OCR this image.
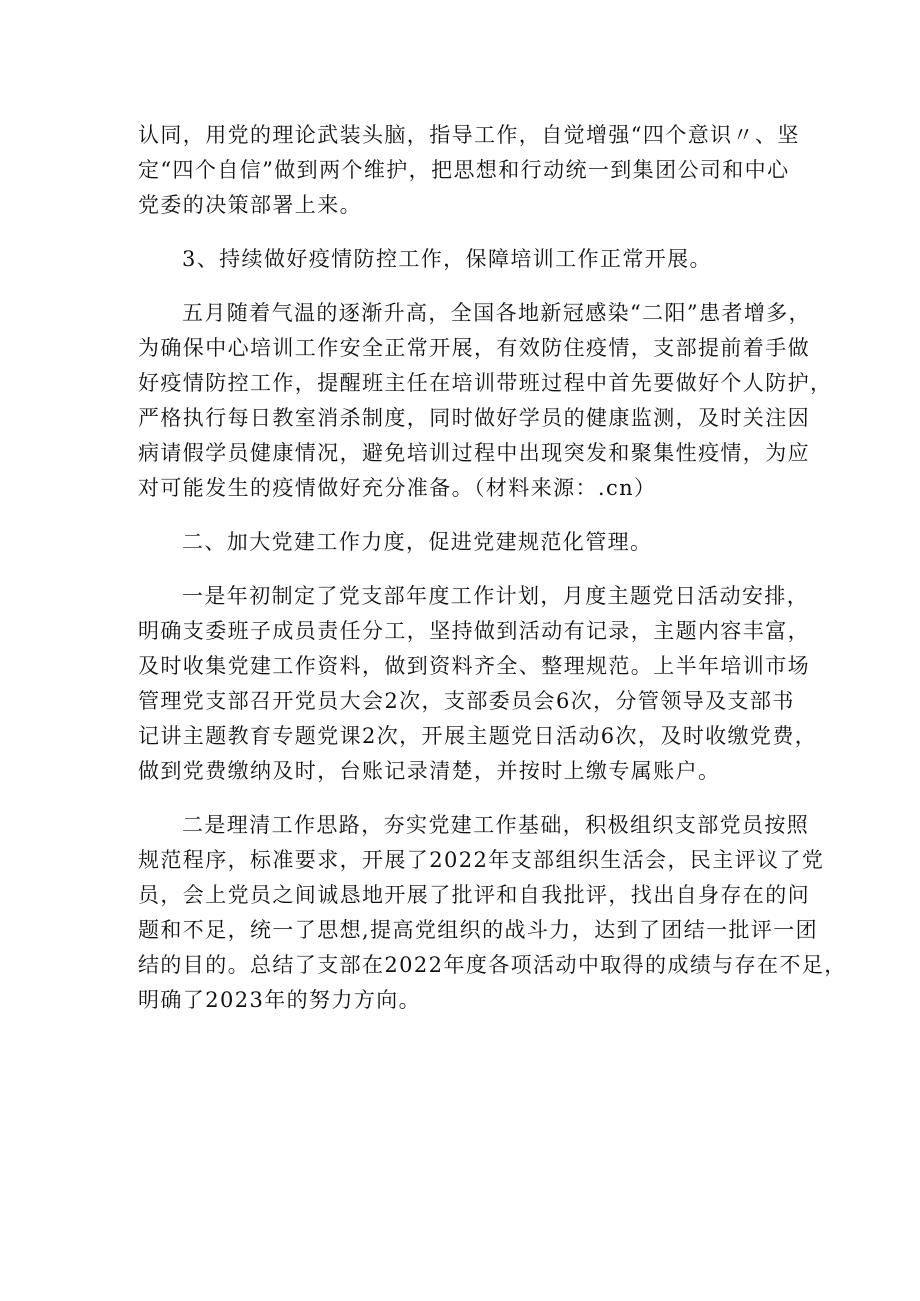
认同，用党的理论武装头脑，指导工作，自觉增强“四个意识〃、坚
定“四个自信”做到两个维护，把思想和行动统一到集团公司和中心
党委的决策部署上来。

3、持续做好疫情防控工作，保障培训工作正常开展。

五月随着气温的逐渐升高，全国各地新冠感染“二阳”患者增多，
为确保中心培训工作安全正常开展，有效防住疫情，支部提前着手做
好疫情防控工作，提醒班主任在培训带班过程中首先要做好个人防护，
严格执行每日教室消杀制度，同时做好学员的健康监测，及时关注因
病请假学员健康情况，避免培训过程中出现突发和聚集性疫情，为应
对可能发生的疫情做好充分准备。（材料来源：.cn）

二、加大党建工作力度，促进党建规范化管理。

一是年初制定了党支部年度工作计划，月度主题党日活动安排，
明确支委班子成员责任分工，坚持做到活动有记录，主题内容丰富，
及时收集党建工作资料，做到资料齐全、整理规范。上半年培训市场
管理党支部召开党员大会2次，支部委员会6次，分管领导及支部书
记讲主题教育专题党课2次，开展主题党日活动6次，及时收缴党费，
做到党费缴纳及时，台账记录清楚，并按时上缴专属账户。

二是理清工作思路，夯实党建工作基础，积极组织支部党员按照
规范程序，标准要求，开展了2022年支部组织生活会，民主评议了党
员，会上党员之间诚恳地开展了批评和自我批评，找出自身存在的问
题和不足，统一了思想,提高党组织的战斗力，达到了团结一批评一团
结的目的。总结了支部在2022年度各项活动中取得的成绩与存在不足，
明确了2023年的努力方向。
